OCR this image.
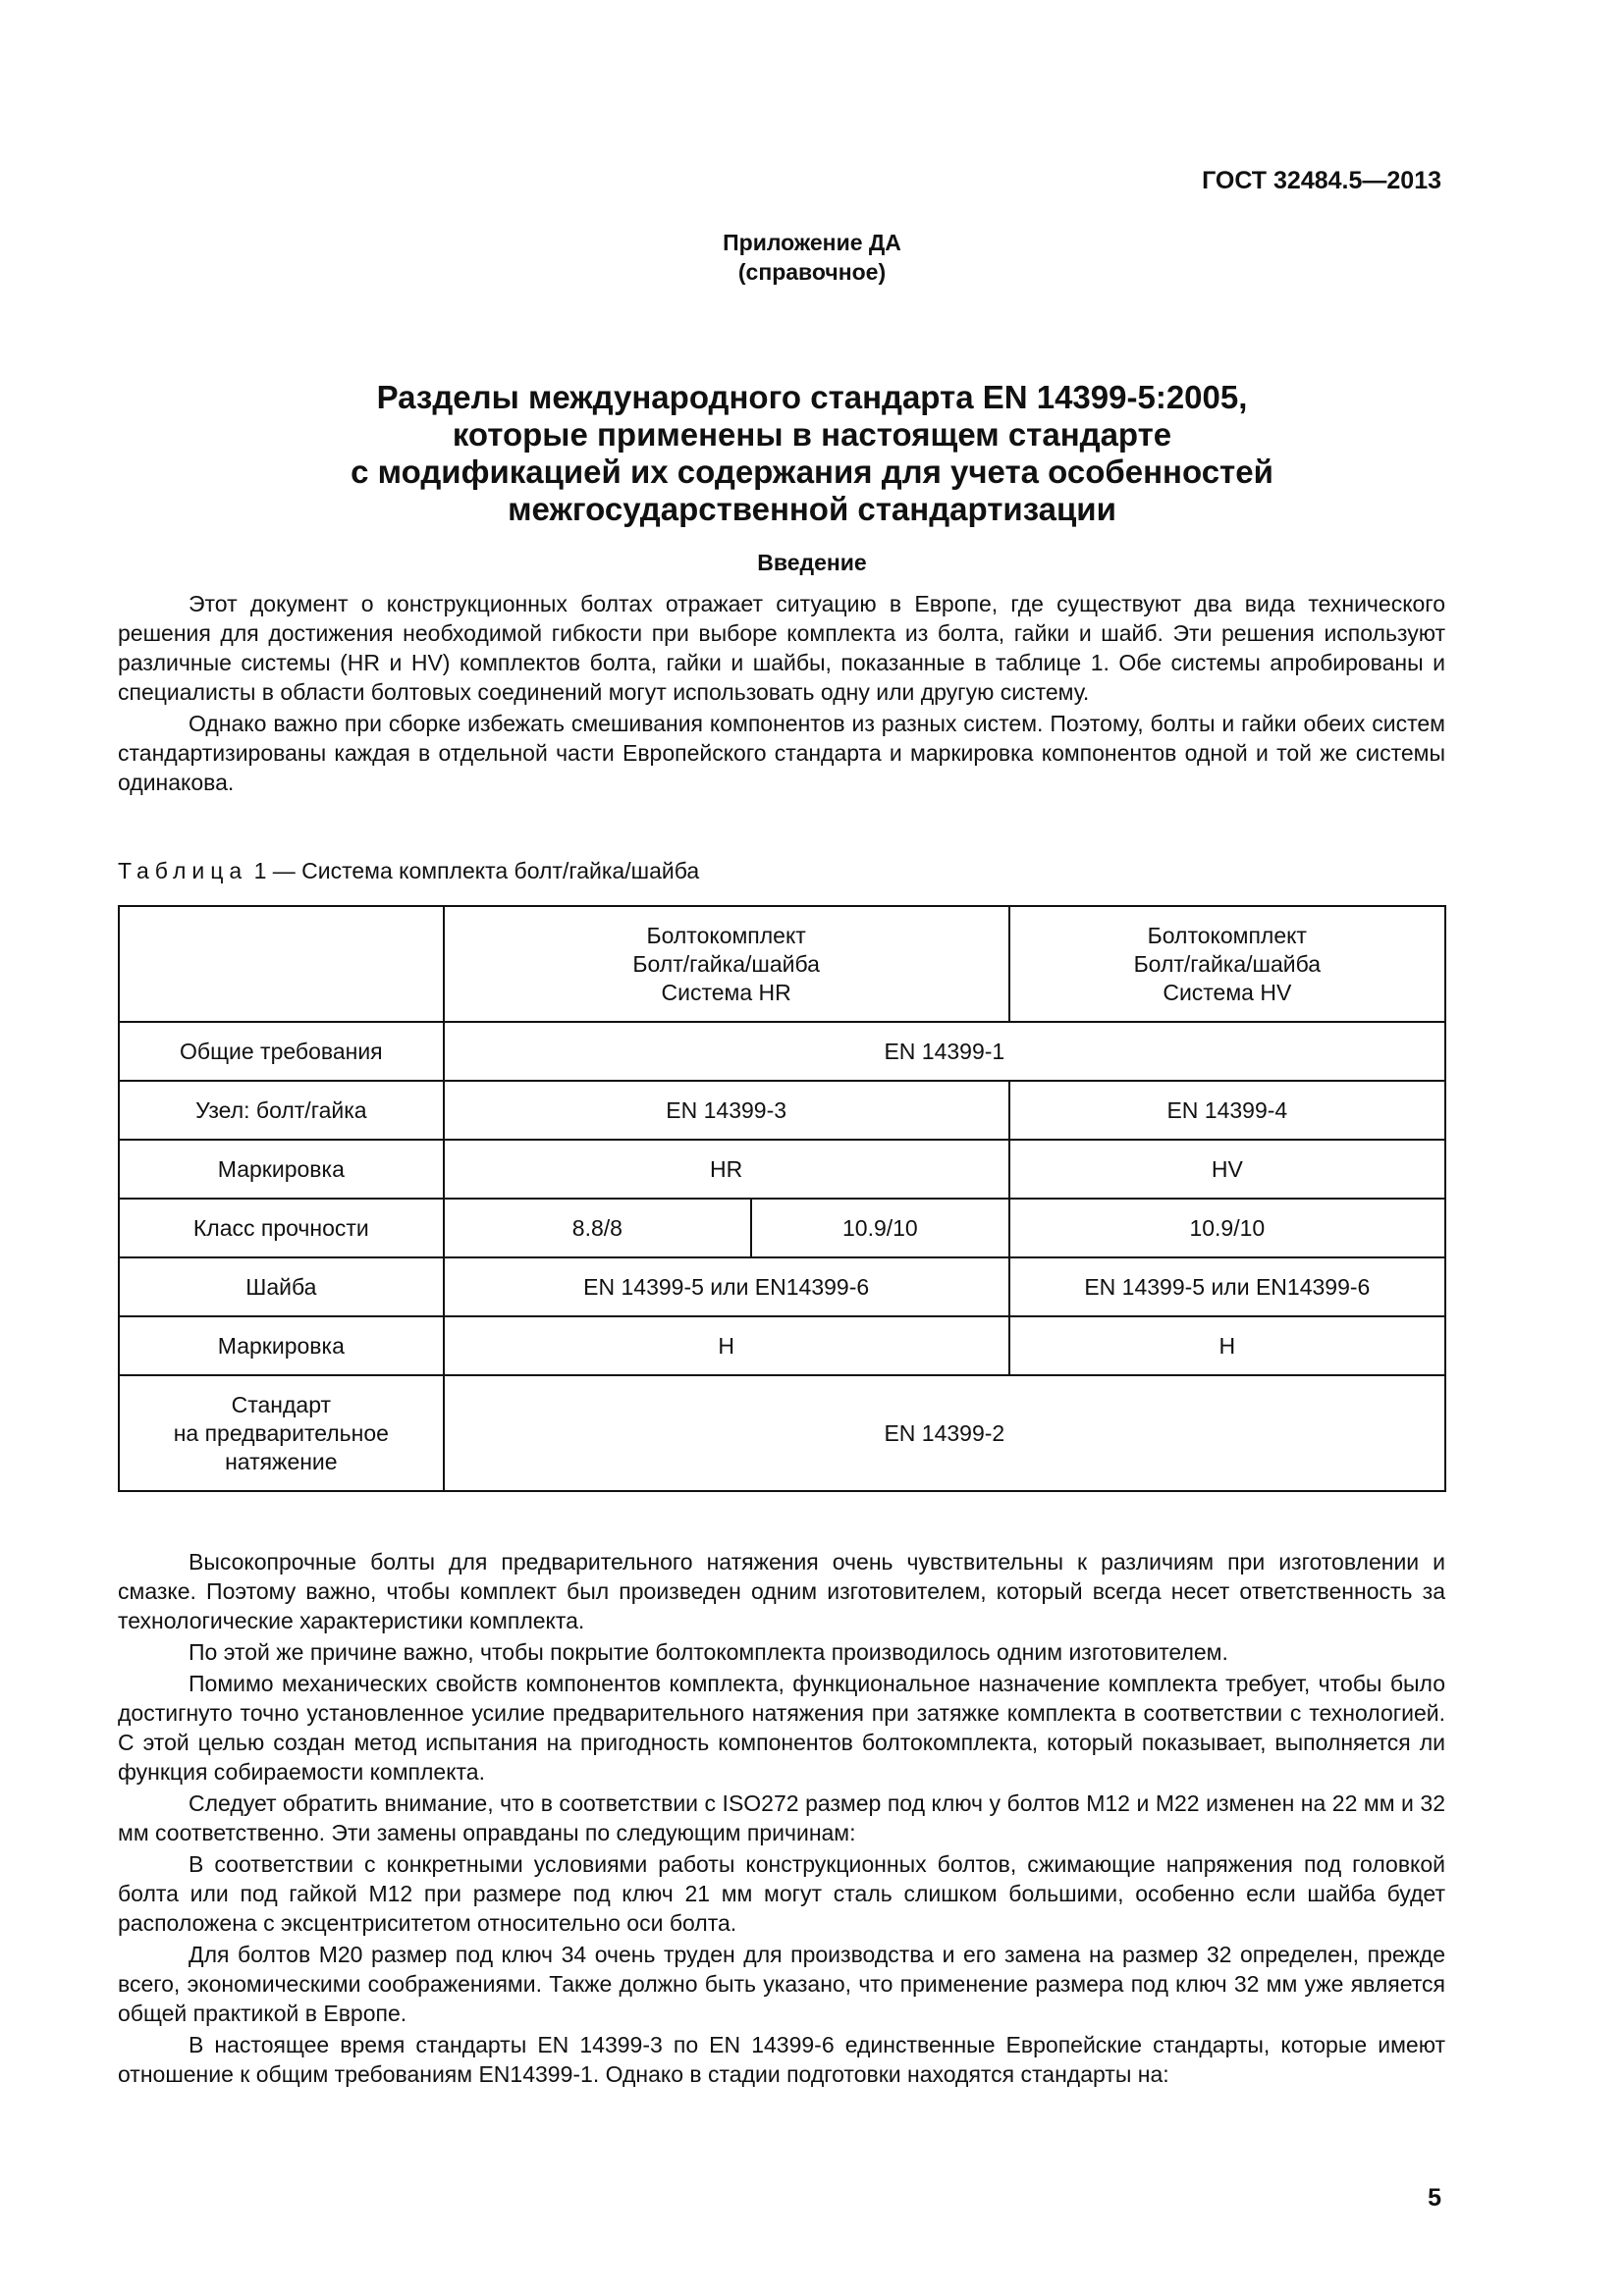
ГОСТ 32484.5—2013
Приложение ДА
(справочное)
Разделы международного стандарта EN 14399-5:2005,
которые применены в настоящем стандарте
с модификацией их содержания для учета особенностей
межгосударственной стандартизации
Введение

Этот документ о конструкционных болтах отражает ситуацию в Европе, где существуют два вида технического решения для достижения необходимой гибкости при выборе комплекта из болта, гайки и шайб. Эти решения используют различные системы (HR и HV) комплектов болта, гайки и шайбы, показанные в таблице 1. Обе системы апробированы и специалисты в области болтовых соединений могут использовать одну или другую систему.

Однако важно при сборке избежать смешивания компонентов из разных систем. Поэтому, болты и гайки обеих систем стандартизированы каждая в отдельной части Европейского стандарта и маркировка компонентов одной и той же системы одинакова.

Таблица 1 — Система комплекта болт/гайка/шайба

	Болтокомплект
Болт/гайка/шайба
Система HR		Болтокомплект
Болт/гайка/шайба
Система HV

Общие требования	EN 14399-1		
Узел: болт/гайка	EN 14399-3		EN 14399-4
Маркировка	HR		HV
Класс прочности	8.8/8	10.9/10	10.9/10
Шайба	EN 14399-5 или EN14399-6		EN 14399-5 или EN14399-6
Маркировка	H		H

Стандарт
на предварительное
натяжение	EN 14399-2		

Высокопрочные болты для предварительного натяжения очень чувствительны к различиям при изготовлении и смазке. Поэтому важно, чтобы комплект был произведен одним изготовителем, который всегда несет ответственность за технологические характеристики комплекта.

По этой же причине важно, чтобы покрытие болтокомплекта производилось одним изготовителем.

Помимо механических свойств компонентов комплекта, функциональное назначение комплекта требует, чтобы было достигнуто точно установленное усилие предварительного натяжения при затяжке комплекта в соответствии с технологией. С этой целью создан метод испытания на пригодность компонентов болтокомплекта, который показывает, выполняется ли функция собираемости комплекта.

Следует обратить внимание, что в соответствии с ISO272 размер под ключ у болтов М12 и М22 изменен на 22 мм и 32 мм соответственно. Эти замены оправданы по следующим причинам:

В соответствии с конкретными условиями работы конструкционных болтов, сжимающие напряжения под головкой болта или под гайкой М12 при размере под ключ 21 мм могут сталь слишком большими, особенно если шайба будет расположена с эксцентриситетом относительно оси болта.

Для болтов М20 размер под ключ 34 очень труден для производства и его замена на размер 32 определен, прежде всего, экономическими соображениями. Также должно быть указано, что применение размера под ключ 32 мм уже является общей практикой в Европе.

В настоящее время стандарты EN 14399-3 по EN 14399-6 единственные Европейские стандарты, которые имеют отношение к общим требованиям EN14399-1. Однако в стадии подготовки находятся стандарты на:

5
